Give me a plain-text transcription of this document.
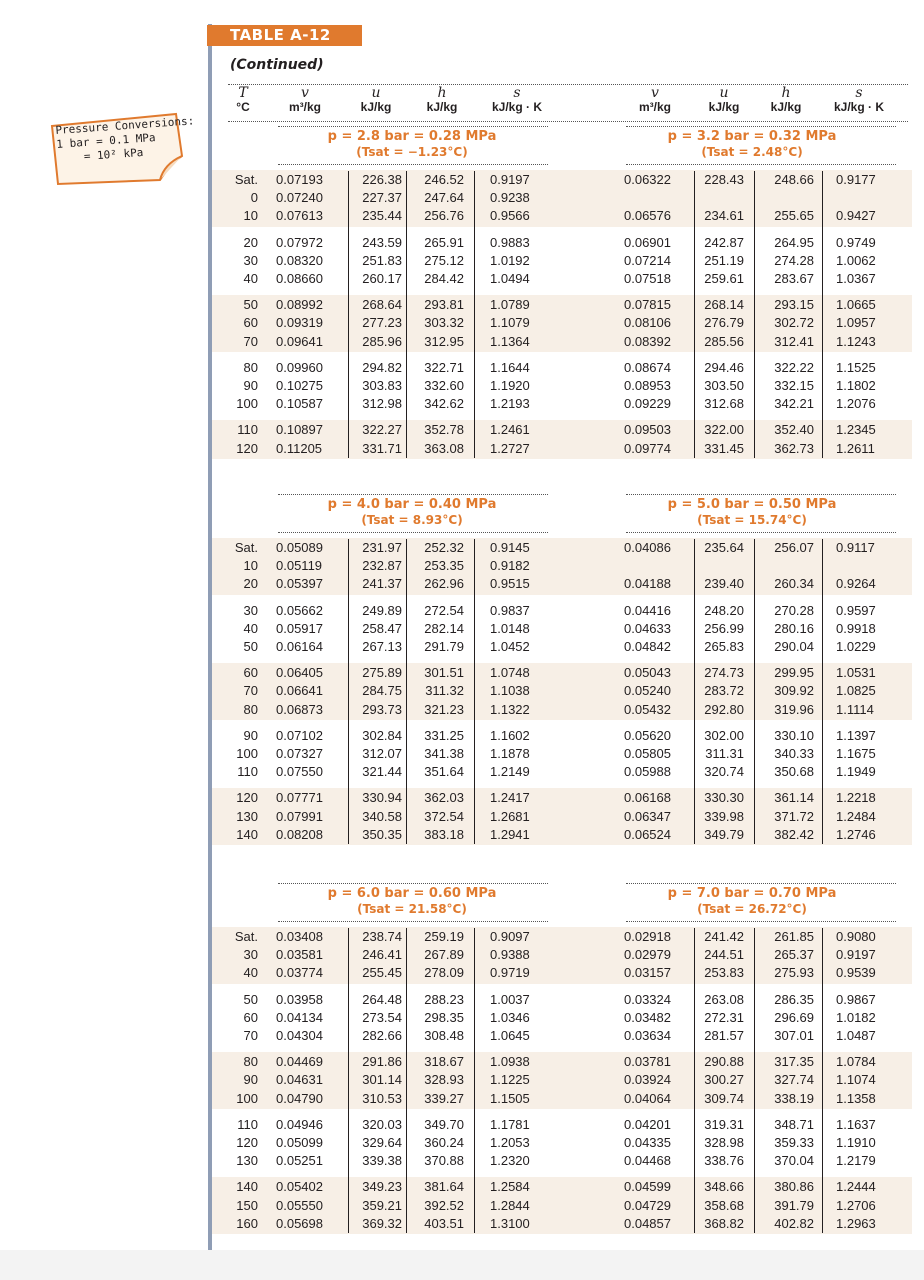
TABLE A-12
(Continued)
Pressure Conversions:
1 bar = 0.1 MPa
= 10² kPa
T
°C
v
m³/kg
u
kJ/kg
h
kJ/kg
s
kJ/kg · K
v
m³/kg
u
kJ/kg
h
kJ/kg
s
kJ/kg · K
p = 2.8 bar = 0.28 MPa
(Tsat = −1.23°C)
p = 3.2 bar = 0.32 MPa
(Tsat = 2.48°C)
Sat. 0.07193	226.38	246.52 0.9197	0.06322	228.43	248.66 0.9177
0 0.07240	227.37	247.64 0.9238
10 0.07613	235.44	256.76 0.9566	0.06576	234.61	255.65 0.9427
20 0.07972	243.59	265.91 0.9883	0.06901	242.87	264.95 0.9749
30 0.08320	251.83	275.12 1.0192	0.07214	251.19	274.28 1.0062
40 0.08660	260.17	284.42 1.0494	0.07518	259.61	283.67 1.0367
50 0.08992	268.64	293.81 1.0789	0.07815	268.14	293.15 1.0665
60 0.09319	277.23	303.32 1.1079	0.08106	276.79	302.72 1.0957
70 0.09641	285.96	312.95 1.1364	0.08392	285.56	312.41 1.1243
80 0.09960	294.82	322.71 1.1644	0.08674	294.46	322.22 1.1525
90 0.10275	303.83	332.60 1.1920	0.08953	303.50	332.15 1.1802
100 0.10587	312.98	342.62 1.2193	0.09229	312.68	342.21 1.2076
110 0.10897	322.27	352.78 1.2461	0.09503	322.00	352.40 1.2345
120 0.11205	331.71	363.08 1.2727	0.09774	331.45	362.73 1.2611
p = 4.0 bar = 0.40 MPa
(Tsat = 8.93°C)
p = 5.0 bar = 0.50 MPa
(Tsat = 15.74°C)
Sat. 0.05089	231.97	252.32 0.9145	0.04086	235.64	256.07 0.9117
10 0.05119	232.87	253.35 0.9182
20 0.05397	241.37	262.96 0.9515	0.04188	239.40	260.34 0.9264
30 0.05662	249.89	272.54 0.9837	0.04416	248.20	270.28 0.9597
40 0.05917	258.47	282.14 1.0148	0.04633	256.99	280.16 0.9918
50 0.06164	267.13	291.79 1.0452	0.04842	265.83	290.04 1.0229
60 0.06405	275.89	301.51 1.0748	0.05043	274.73	299.95 1.0531
70 0.06641	284.75	311.32 1.1038	0.05240	283.72	309.92 1.0825
80 0.06873	293.73	321.23 1.1322	0.05432	292.80	319.96 1.1114
90 0.07102	302.84	331.25 1.1602	0.05620	302.00	330.10 1.1397
100 0.07327	312.07	341.38 1.1878	0.05805	311.31	340.33 1.1675
110 0.07550	321.44	351.64 1.2149	0.05988	320.74	350.68 1.1949
120 0.07771	330.94	362.03 1.2417	0.06168	330.30	361.14 1.2218
130 0.07991	340.58	372.54 1.2681	0.06347	339.98	371.72 1.2484
140 0.08208	350.35	383.18 1.2941	0.06524	349.79	382.42 1.2746
p = 6.0 bar = 0.60 MPa
(Tsat = 21.58°C)
p = 7.0 bar = 0.70 MPa
(Tsat = 26.72°C)
Sat. 0.03408	238.74	259.19 0.9097	0.02918	241.42	261.85 0.9080
30 0.03581	246.41	267.89 0.9388	0.02979	244.51	265.37 0.9197
40 0.03774	255.45	278.09 0.9719	0.03157	253.83	275.93 0.9539
50 0.03958	264.48	288.23 1.0037	0.03324	263.08	286.35 0.9867
60 0.04134	273.54	298.35 1.0346	0.03482	272.31	296.69 1.0182
70 0.04304	282.66	308.48 1.0645	0.03634	281.57	307.01 1.0487
80 0.04469	291.86	318.67 1.0938	0.03781	290.88	317.35 1.0784
90 0.04631	301.14	328.93 1.1225	0.03924	300.27	327.74 1.1074
100 0.04790	310.53	339.27 1.1505	0.04064	309.74	338.19 1.1358
110 0.04946	320.03	349.70 1.1781	0.04201	319.31	348.71 1.1637
120 0.05099	329.64	360.24 1.2053	0.04335	328.98	359.33 1.1910
130 0.05251	339.38	370.88 1.2320	0.04468	338.76	370.04 1.2179
140 0.05402	349.23	381.64 1.2584	0.04599	348.66	380.86 1.2444
150 0.05550	359.21	392.52 1.2844	0.04729	358.68	391.79 1.2706
160 0.05698	369.32	403.51 1.3100	0.04857	368.82	402.82 1.2963
